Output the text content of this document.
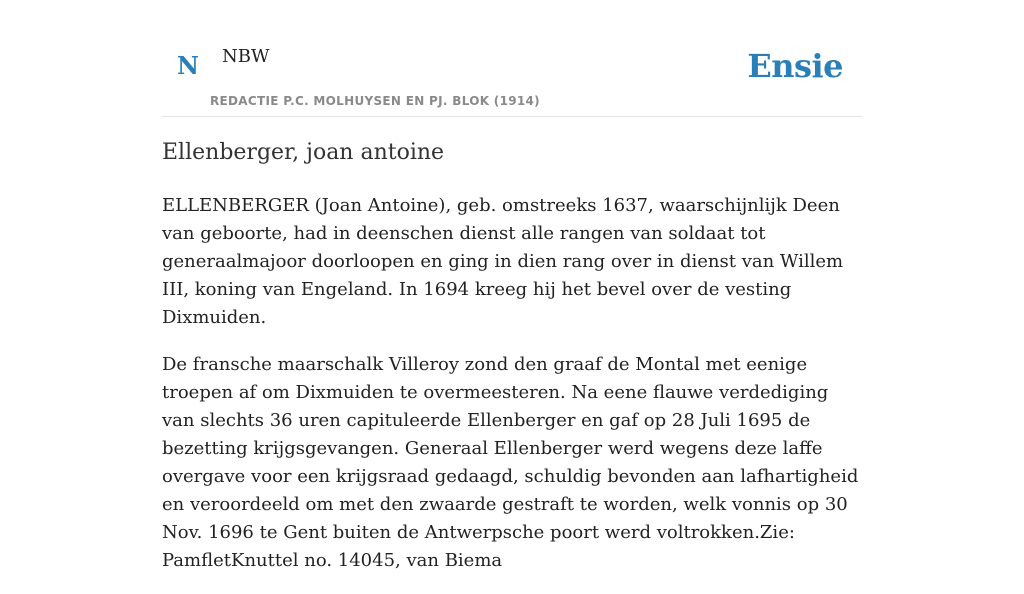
N NBW
REDACTIE P.C. MOLHUYSEN EN PJ. BLOK (1914)
Ensie
Ellenberger, joan antoine

ELLENBERGER (Joan Antoine), geb. omstreeks 1637, waarschijnlijk Deen van geboorte, had in deenschen dienst alle rangen van soldaat tot generaalmajoor doorloopen en ging in dien rang over in dienst van Willem III, koning van Engeland. In 1694 kreeg hij het bevel over de vesting Dixmuiden.

De fransche maarschalk Villeroy zond den graaf de Montal met eenige troepen af om Dixmuiden te overmeesteren. Na eene flauwe verdediging van slechts 36 uren capituleerde Ellenberger en gaf op 28 Juli 1695 de bezetting krijgsgevangen. Generaal Ellenberger werd wegens deze laffe overgave voor een krijgsraad gedaagd, schuldig bevonden aan lafhartigheid en veroordeeld om met den zwaarde gestraft te worden, welk vonnis op 30 Nov. 1696 te Gent buiten de Antwerpsche poort werd voltrokken.Zie: PamfletKnuttel no. 14045, van Biema
